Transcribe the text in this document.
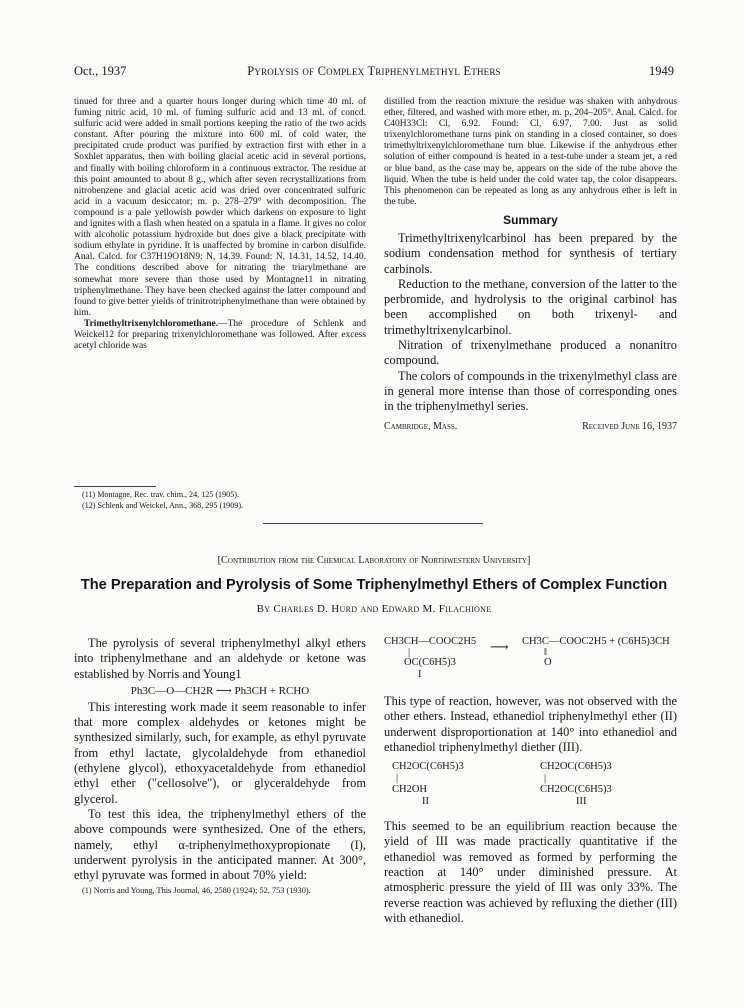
Oct., 1937	Pyrolysis of Complex Triphenylmethyl Ethers	1949

tinued for three and a quarter hours longer during which time 40 ml. of fuming nitric acid, 10 ml. of fuming sulfuric acid and 13 ml. of concd. sulfuric acid were added in small portions keeping the ratio of the two acids constant. After pouring the mixture into 600 ml. of cold water, the precipitated crude product was purified by extraction first with ether in a Soxhlet apparatus, then with boiling glacial acetic acid in several portions, and finally with boiling chloroform in a continuous extractor. The residue at this point amounted to about 8 g., which after seven recrystallizations from nitrobenzene and glacial acetic acid was dried over concentrated sulfuric acid in a vacuum desiccator; m. p. 278–279° with decomposition. The compound is a pale yellowish powder which darkens on exposure to light and ignites with a flash when heated on a spatula in a flame. It gives no color with alcoholic potassium hydroxide but does give a black precipitate with sodium ethylate in pyridine. It is unaffected by bromine in carbon disulfide. Anal. Calcd. for C37H19O18N9: N, 14.39. Found: N, 14.31, 14.52, 14.40. The conditions described above for nitrating the triarylmethane are somewhat more severe than those used by Montagne11 in nitrating triphenylmethane. They have been checked against the latter compound and found to give better yields of trinitrotriphenylmethane than were obtained by him.

Trimethyltrixenylchloromethane.—The procedure of Schlenk and Weickel12 for preparing trixenylchloromethane was followed. After excess acetyl chloride was

(11) Montagne, Rec. trav. chim., 24, 125 (1905).

(12) Schlenk and Weickel, Ann., 368, 295 (1909).

distilled from the reaction mixture the residue was shaken with anhydrous ether, filtered, and washed with more ether, m. p. 204–205°. Anal. Calcd. for C40H33Cl: Cl, 6.92. Found: Cl, 6.97, 7.00. Just as solid trixenylchloromethane turns pink on standing in a closed container, so does trimethyltrixenylchloromethane turn blue. Likewise if the anhydrous ether solution of either compound is heated in a test-tube under a steam jet, a red or blue band, as the case may be, appears on the side of the tube above the liquid. When the tube is held under the cold water tap, the color disappears. This phenomenon can be repeated as long as any anhydrous ether is left in the tube.

Summary

Trimethyltrixenylcarbinol has been prepared by the sodium condensation method for synthesis of tertiary carbinols.

Reduction to the methane, conversion of the latter to the perbromide, and hydrolysis to the original carbinol has been accomplished on both trixenyl- and trimethyltrixenylcarbinol.

Nitration of trixenylmethane produced a nonanitro compound.

The colors of compounds in the trixenylmethyl class are in general more intense than those of corresponding ones in the triphenylmethyl series.

Cambridge, Mass.	Received June 16, 1937
[Contribution from the Chemical Laboratory of Northwestern University]
The Preparation and Pyrolysis of Some Triphenylmethyl Ethers of Complex Function
By Charles D. Hurd and Edward M. Filachione

The pyrolysis of several triphenylmethyl alkyl ethers into triphenylmethane and an aldehyde or ketone was established by Norris and Young1

Ph3C—O—CH2R ⟶ Ph3CH + RCHO

This interesting work made it seem reasonable to infer that more complex aldehydes or ketones might be synthesized similarly, such, for example, as ethyl pyruvate from ethyl lactate, glycolaldehyde from ethanediol (ethylene glycol), ethoxyacetaldehyde from ethanediol ethyl ether ("cellosolve"), or glyceraldehyde from glycerol.

To test this idea, the triphenylmethyl ethers of the above compounds were synthesized. One of the ethers, namely, ethyl α-triphenylmethoxypropionate (I), underwent pyrolysis in the anticipated manner. At 300°, ethyl pyruvate was formed in about 70% yield:

(1) Norris and Young, This Journal, 46, 2580 (1924); 52, 753 (1930).

CH3CH—COOC2H5
|
OC(C6H5)3
I
⟶ CH3C—COOC2H5 + (C6H5)3CH
‖
O

This type of reaction, however, was not observed with the other ethers. Instead, ethanediol triphenylmethyl ether (II) underwent disproportionation at 140° into ethanediol and ethanediol triphenylmethyl diether (III).

CH2OC(C6H5)3
|
CH2OH
II
CH2OC(C6H5)3
|
CH2OC(C6H5)3
III

This seemed to be an equilibrium reaction because the yield of III was made practically quantitative if the ethanediol was removed as formed by performing the reaction at 140° under diminished pressure. At atmospheric pressure the yield of III was only 33%. The reverse reaction was achieved by refluxing the diether (III) with ethanediol.
